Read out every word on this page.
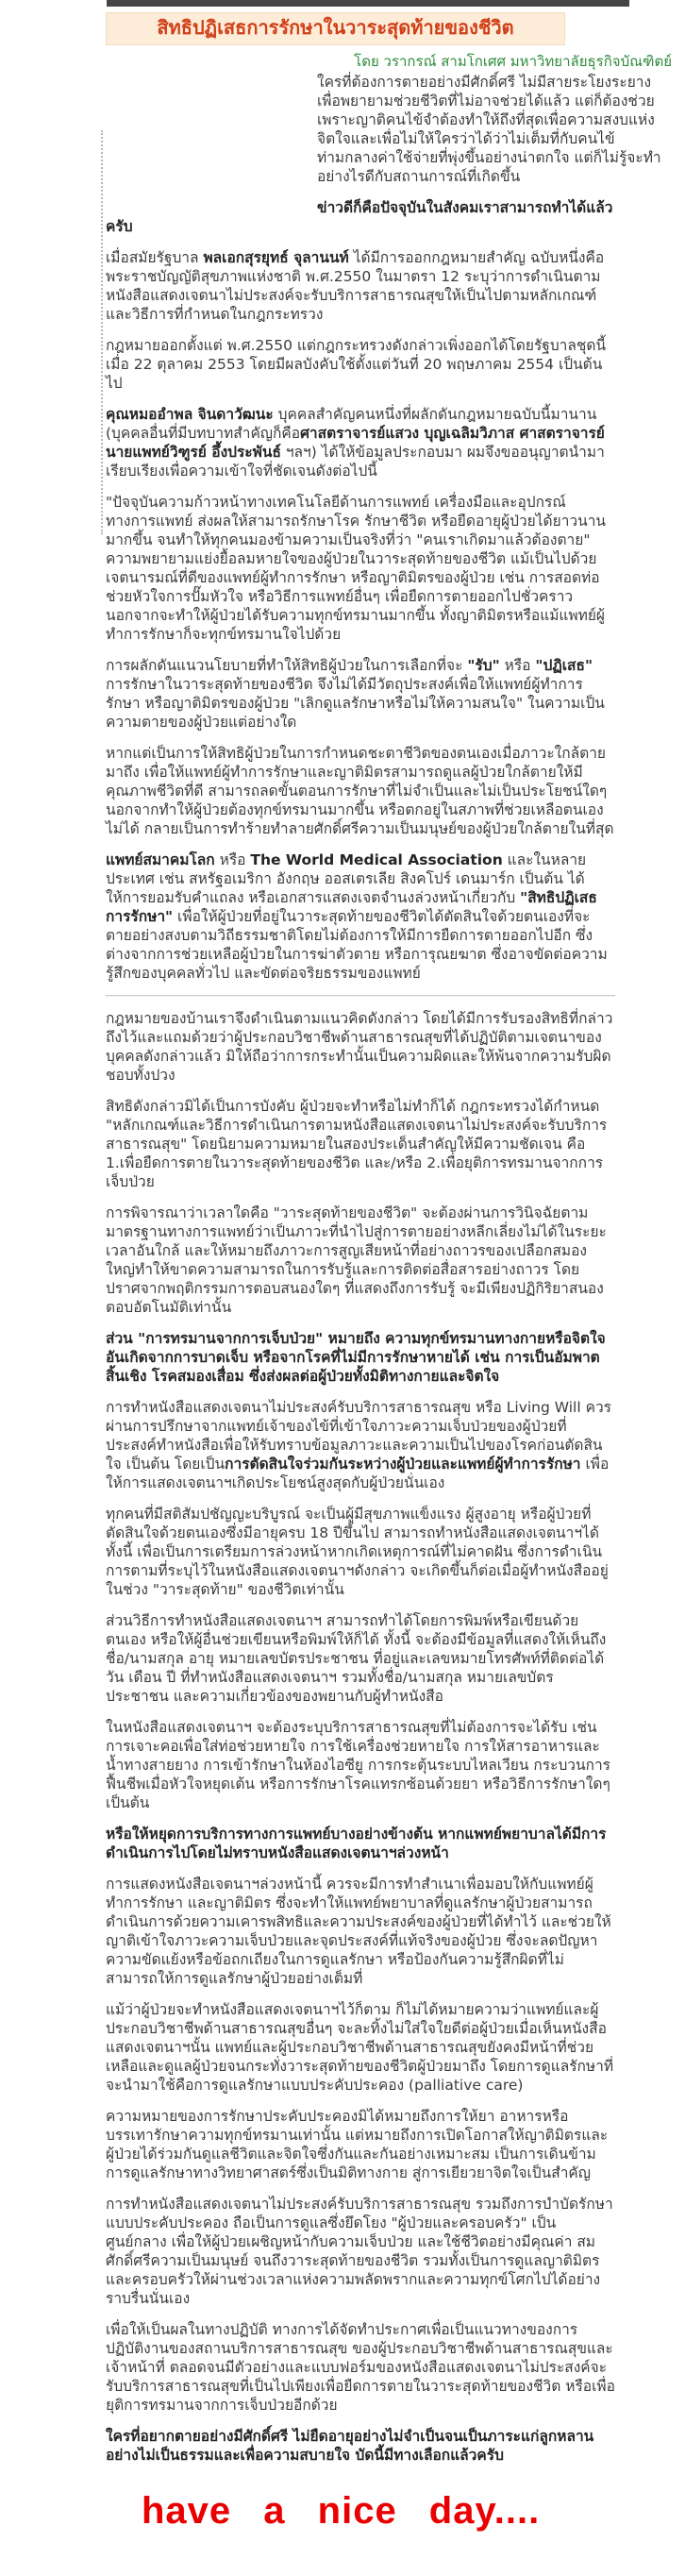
สิทธิปฏิเสธการรักษาในวาระสุดท้ายของชีวิต
โดย วรากรณ์ สามโกเศศ มหาวิทยาลัยธุรกิจบัณฑิตย์
ใครที่ต้องการตายอย่างมีศักดิ์ศรี ไม่มีสายระโยงระยางเพื่อพยายามช่วยชีวิตที่ไม่อาจช่วยได้แล้ว แต่ก็ต้องช่วยเพราะญาติคนไข้จำต้องทำให้ถึงที่สุดเพื่อความสงบแห่งจิตใจและเพื่อไม่ให้ใครว่าได้ว่าไม่เต็มที่กับคนไข้ท่ามกลางค่าใช้จ่ายที่พุ่งขึ้นอย่างน่าตกใจ แต่ก็ไม่รู้จะทำอย่างไรดีกับสถานการณ์ที่เกิดขึ้น

ข่าวดีก็คือปัจจุบันในสังคมเราสามารถทำได้แล้วครับ

เมื่อสมัยรัฐบาล พลเอกสุรยุทธ์ จุลานนท์ ได้มีการออกกฎหมายสำคัญ ฉบับหนึ่งคือพระราชบัญญัติสุขภาพแห่งชาติ พ.ศ.2550 ในมาตรา 12 ระบุว่าการดำเนินตามหนังสือแสดงเจตนาไม่ประสงค์จะรับบริการสาธารณสุขให้เป็นไปตามหลักเกณฑ์และวิธีการที่กำหนดในกฎกระทรวง

กฎหมายออกตั้งแต่ พ.ศ.2550 แต่กฎกระทรวงดังกล่าวเพิ่งออกได้โดยรัฐบาลชุดนี้เมื่อ 22 ตุลาคม 2553 โดยมีผลบังคับใช้ตั้งแต่วันที่ 20 พฤษภาคม 2554 เป็นต้นไป

คุณหมออำพล จินดาวัฒนะ บุคคลสำคัญคนหนึ่งที่ผลักดันกฎหมายฉบับนี้มานาน (บุคคลอื่นที่มีบทบาทสำคัญก็คือศาสตราจารย์แสวง บุญเฉลิมวิภาส ศาสตราจารย์ นายแพทย์วิฑูรย์ อึ้งประพันธ์ ฯลฯ) ได้ให้ข้อมูลประกอบมา ผมจึงขออนุญาตนำมาเรียบเรียงเพื่อความเข้าใจที่ชัดเจนดังต่อไปนี้

"ปัจจุบันความก้าวหน้าทางเทคโนโลยีด้านการแพทย์ เครื่องมือและอุปกรณ์ทางการแพทย์ ส่งผลให้สามารถรักษาโรค รักษาชีวิต หรือยืดอายุผู้ป่วยได้ยาวนานมากขึ้น จนทำให้ทุกคนมองข้ามความเป็นจริงที่ว่า "คนเราเกิดมาแล้วต้องตาย" ความพยายามแย่งยื้อลมหายใจของผู้ป่วยในวาระสุดท้ายของชีวิต แม้เป็นไปด้วยเจตนารมณ์ที่ดีของแพทย์ผู้ทำการรักษา หรือญาติมิตรของผู้ป่วย เช่น การสอดท่อช่วยหัวใจการปั๊มหัวใจ หรือวิธีการแพทย์อื่นๆ เพื่อยืดการตายออกไปชั่วคราว นอกจากจะทำให้ผู้ป่วยได้รับความทุกข์ทรมานมากขึ้น ทั้งญาติมิตรหรือแม้แพทย์ผู้ทำการรักษาก็จะทุกข์ทรมานใจไปด้วย

การผลักดันแนวนโยบายที่ทำให้สิทธิผู้ป่วยในการเลือกที่จะ "รับ" หรือ "ปฏิเสธ" การรักษาในวาระสุดท้ายของชีวิต จึงไม่ได้มีวัตถุประสงค์เพื่อให้แพทย์ผู้ทำการรักษา หรือญาติมิตรของผู้ป่วย "เลิกดูแลรักษาหรือไม่ให้ความสนใจ" ในความเป็นความตายของผู้ป่วยแต่อย่างใด

หากแต่เป็นการให้สิทธิผู้ป่วยในการกำหนดชะตาชีวิตของตนเองเมื่อภาวะใกล้ตายมาถึง เพื่อให้แพทย์ผู้ทำการรักษาและญาติมิตรสามารถดูแลผู้ป่วยใกล้ตายให้มีคุณภาพชีวิตที่ดี สามารถลดขั้นตอนการรักษาที่ไม่จำเป็นและไม่เป็นประโยชน์ใดๆ นอกจากทำให้ผู้ป่วยต้องทุกข์ทรมานมากขึ้น หรือตกอยู่ในสภาพที่ช่วยเหลือตนเองไม่ได้ กลายเป็นการทำร้ายทำลายศักดิ์ศรีความเป็นมนุษย์ของผู้ป่วยใกล้ตายในที่สุด

แพทย์สมาคมโลก หรือ The World Medical Association และในหลายประเทศ เช่น สหรัฐอเมริกา อังกฤษ ออสเตรเลีย สิงคโปร์ เดนมาร์ก เป็นต้น ได้ให้การยอมรับคำแถลง หรือเอกสารแสดงเจตจำนงล่วงหน้าเกี่ยวกับ "สิทธิปฏิเสธการรักษา" เพื่อให้ผู้ป่วยที่อยู่ในวาระสุดท้ายของชีวิตได้ตัดสินใจด้วยตนเองที่จะตายอย่างสงบตามวิถีธรรมชาติโดยไม่ต้องการให้มีการยืดการตายออกไปอีก ซึ่งต่างจากการช่วยเหลือผู้ป่วยในการฆ่าตัวตาย หรือการุณยฆาต ซึ่งอาจขัดต่อความรู้สึกของบุคคลทั่วไป และขัดต่อจริยธรรมของแพทย์

กฎหมายของบ้านเราจึงดำเนินตามแนวคิดดังกล่าว โดยได้มีการรับรองสิทธิที่กล่าวถึงไว้และแถมด้วยว่าผู้ประกอบวิชาชีพด้านสาธารณสุขที่ได้ปฏิบัติตามเจตนาของบุคคลดังกล่าวแล้ว มิให้ถือว่าการกระทำนั้นเป็นความผิดและให้พ้นจากความรับผิดชอบทั้งปวง

สิทธิดังกล่าวมิได้เป็นการบังคับ ผู้ป่วยจะทำหรือไม่ทำก็ได้ กฎกระทรวงได้กำหนด "หลักเกณฑ์และวิธีการดำเนินการตามหนังสือแสดงเจตนาไม่ประสงค์จะรับบริการสาธารณสุข" โดยนิยามความหมายในสองประเด็นสำคัญให้มีความชัดเจน คือ 1.เพื่อยืดการตายในวาระสุดท้ายของชีวิต และ/หรือ 2.เพื่อยุติการทรมานจากการเจ็บป่วย

การพิจารณาว่าเวลาใดคือ "วาระสุดท้ายของชีวิต" จะต้องผ่านการวินิจฉัยตามมาตรฐานทางการแพทย์ว่าเป็นภาวะที่นำไปสู่การตายอย่างหลีกเลี่ยงไม่ได้ในระยะเวลาอันใกล้ และให้หมายถึงภาวะการสูญเสียหน้าที่อย่างถาวรของเปลือกสมองใหญ่ทำให้ขาดความสามารถในการรับรู้และการติดต่อสื่อสารอย่างถาวร โดยปราศจากพฤติกรรมการตอบสนองใดๆ ที่แสดงถึงการรับรู้ จะมีเพียงปฏิกิริยาสนองตอบอัตโนมัติเท่านั้น

ส่วน "การทรมานจากการเจ็บป่วย" หมายถึง ความทุกข์ทรมานทางกายหรือจิตใจอันเกิดจากการบาดเจ็บ หรือจากโรคที่ไม่มีการรักษาหายได้ เช่น การเป็นอัมพาตสิ้นเชิง โรคสมองเสื่อม ซึ่งส่งผลต่อผู้ป่วยทั้งมิติทางกายและจิตใจ

การทำหนังสือแสดงเจตนาไม่ประสงค์รับบริการสาธารณสุข หรือ Living Will ควรผ่านการปรึกษาจากแพทย์เจ้าของไข้ที่เข้าใจภาวะความเจ็บป่วยของผู้ป่วยที่ประสงค์ทำหนังสือเพื่อให้รับทราบข้อมูลภาวะและความเป็นไปของโรคก่อนตัดสินใจ เป็นต้น โดยเป็นการตัดสินใจร่วมกันระหว่างผู้ป่วยและแพทย์ผู้ทำการรักษา เพื่อให้การแสดงเจตนาฯเกิดประโยชน์สูงสุดกับผู้ป่วยนั่นเอง

ทุกคนที่มีสติสัมปชัญญะบริบูรณ์ จะเป็นผู้มีสุขภาพแข็งแรง ผู้สูงอายุ หรือผู้ป่วยที่ตัดสินใจด้วยตนเองซึ่งมีอายุครบ 18 ปีขึ้นไป สามารถทำหนังสือแสดงเจตนาฯได้ ทั้งนี้ เพื่อเป็นการเตรียมการล่วงหน้าหากเกิดเหตุการณ์ที่ไม่คาดฝัน ซึ่งการดำเนินการตามที่ระบุไว้ในหนังสือแสดงเจตนาฯดังกล่าว จะเกิดขึ้นก็ต่อเมื่อผู้ทำหนังสืออยู่ในช่วง "วาระสุดท้าย" ของชีวิตเท่านั้น

ส่วนวิธีการทำหนังสือแสดงเจตนาฯ สามารถทำได้โดยการพิมพ์หรือเขียนด้วยตนเอง หรือให้ผู้อื่นช่วยเขียนหรือพิมพ์ให้ก็ได้ ทั้งนี้ จะต้องมีข้อมูลที่แสดงให้เห็นถึงชื่อ/นามสกุล อายุ หมายเลขบัตรประชาชน ที่อยู่และเลขหมายโทรศัพท์ที่ติดต่อได้ วัน เดือน ปี ที่ทำหนังสือแสดงเจตนาฯ รวมทั้งชื่อ/นามสกุล หมายเลขบัตรประชาชน และความเกี่ยวข้องของพยานกับผู้ทำหนังสือ

ในหนังสือแสดงเจตนาฯ จะต้องระบุบริการสาธารณสุขที่ไม่ต้องการจะได้รับ เช่น การเจาะคอเพื่อใส่ท่อช่วยหายใจ การใช้เครื่องช่วยหายใจ การให้สารอาหารและน้ำทางสายยาง การเข้ารักษาในห้องไอซียู การกระตุ้นระบบไหลเวียน กระบวนการฟื้นชีพเมื่อหัวใจหยุดเต้น หรือการรักษาโรคแทรกซ้อนด้วยยา หรือวิธีการรักษาใดๆ เป็นต้น

หรือให้หยุดการบริการทางการแพทย์บางอย่างข้างต้น หากแพทย์พยาบาลได้มีการดำเนินการไปโดยไม่ทราบหนังสือแสดงเจตนาฯล่วงหน้า

การแสดงหนังสือเจตนาฯล่วงหน้านี้ ควรจะมีการทำสำเนาเพื่อมอบให้กับแพทย์ผู้ทำการรักษา และญาติมิตร ซึ่งจะทำให้แพทย์พยาบาลที่ดูแลรักษาผู้ป่วยสามารถดำเนินการด้วยความเคารพสิทธิและความประสงค์ของผู้ป่วยที่ได้ทำไว้ และช่วยให้ญาติเข้าใจภาวะความเจ็บป่วยและจุดประสงค์ที่แท้จริงของผู้ป่วย ซึ่งจะลดปัญหาความขัดแย้งหรือข้อถกเถียงในการดูแลรักษา หรือป้องกันความรู้สึกผิดที่ไม่สามารถให้การดูแลรักษาผู้ป่วยอย่างเต็มที่

แม้ว่าผู้ป่วยจะทำหนังสือแสดงเจตนาฯไว้ก็ตาม ก็ไม่ได้หมายความว่าแพทย์และผู้ประกอบวิชาชีพด้านสาธารณสุขอื่นๆ จะละทิ้งไม่ใส่ใจใยดีต่อผู้ป่วยเมื่อเห็นหนังสือแสดงเจตนาฯนั้น แพทย์และผู้ประกอบวิชาชีพด้านสาธารณสุขยังคงมีหน้าที่ช่วยเหลือและดูแลผู้ป่วยจนกระทั่งวาระสุดท้ายของชีวิตผู้ป่วยมาถึง โดยการดูแลรักษาที่จะนำมาใช้คือการดูแลรักษาแบบประคับประคอง (palliative care)

ความหมายของการรักษาประคับประคองมิได้หมายถึงการให้ยา อาหารหรือบรรเทารักษาความทุกข์ทรมานเท่านั้น แต่หมายถึงการเปิดโอกาสให้ญาติมิตรและผู้ป่วยได้ร่วมกันดูแลชีวิตและจิตใจซึ่งกันและกันอย่างเหมาะสม เป็นการเดินข้ามการดูแลรักษาทางวิทยาศาสตร์ซึ่งเป็นมิติทางกาย สู่การเยียวยาจิตใจเป็นสำคัญ

การทำหนังสือแสดงเจตนาไม่ประสงค์รับบริการสาธารณสุข รวมถึงการบำบัดรักษาแบบประคับประคอง ถือเป็นการดูแลซึ่งยึดโยง "ผู้ป่วยและครอบครัว" เป็นศูนย์กลาง เพื่อให้ผู้ป่วยเผชิญหน้ากับความเจ็บป่วย และใช้ชีวิตอย่างมีคุณค่า สมศักดิ์ศรีความเป็นมนุษย์ จนถึงวาระสุดท้ายของชีวิต รวมทั้งเป็นการดูแลญาติมิตรและครอบครัวให้ผ่านช่วงเวลาแห่งความพลัดพรากและความทุกข์โศกไปได้อย่างราบรื่นนั่นเอง

เพื่อให้เป็นผลในทางปฏิบัติ ทางการได้จัดทำประกาศเพื่อเป็นแนวทางของการปฏิบัติงานของสถานบริการสาธารณสุข ของผู้ประกอบวิชาชีพด้านสาธารณสุขและเจ้าหน้าที่ ตลอดจนมีตัวอย่างและแบบฟอร์มของหนังสือแสดงเจตนาไม่ประสงค์จะรับบริการสาธารณสุขที่เป็นไปเพียงเพื่อยืดการตายในวาระสุดท้ายของชีวิต หรือเพื่อยุติการทรมานจากการเจ็บป่วยอีกด้วย

ใครที่อยากตายอย่างมีศักดิ์ศรี ไม่ยืดอายุอย่างไม่จำเป็นจนเป็นภาระแก่ลูกหลานอย่างไม่เป็นธรรมและเพื่อความสบายใจ บัดนี้มีทางเลือกแล้วครับ

have a nice day....
